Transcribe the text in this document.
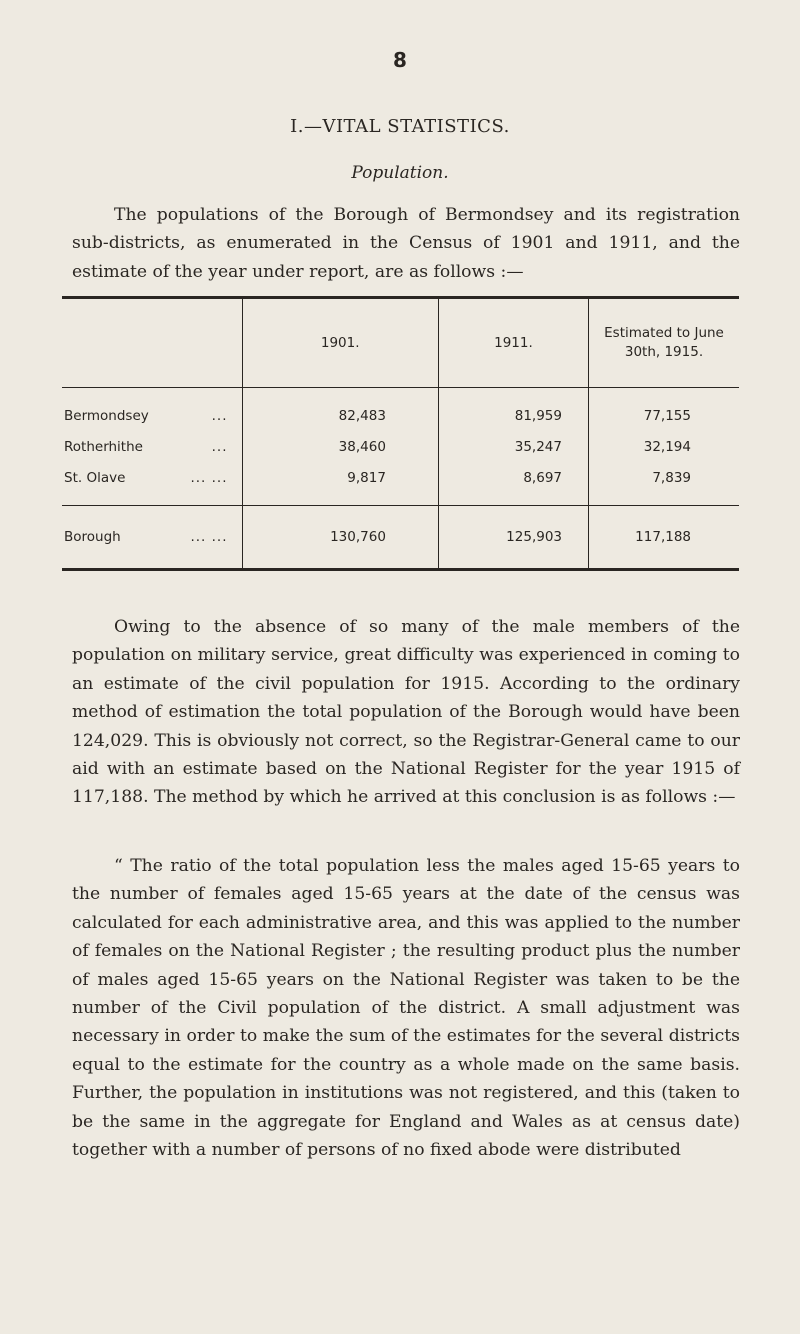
8
I.—VITAL STATISTICS.
Population.

The populations of the Borough of Bermondsey and its registration sub-districts, as enumerated in the Census of 1901 and 1911, and the estimate of the year under report, are as follows :—

	1901.	1911.	Estimated to June 30th, 1915.

Bermondsey ...	82,483	81,959	77,155
Rotherhithe ...	38,460	35,247	32,194
St. Olave ... ...	9,817	8,697	7,839
Borough ... ...	130,760	125,903	117,188

Owing to the absence of so many of the male members of the population on military service, great difficulty was experienced in coming to an estimate of the civil population for 1915. According to the ordinary method of estimation the total population of the Borough would have been 124,029. This is obviously not correct, so the Registrar-General came to our aid with an estimate based on the National Register for the year 1915 of 117,188. The method by which he arrived at this conclusion is as follows :—

“ The ratio of the total population less the males aged 15-65 years to the number of females aged 15-65 years at the date of the census was calculated for each administrative area, and this was applied to the number of females on the National Register ; the resulting product plus the number of males aged 15-65 years on the National Register was taken to be the number of the Civil population of the district. A small adjustment was necessary in order to make the sum of the estimates for the several districts equal to the estimate for the country as a whole made on the same basis. Further, the population in institutions was not registered, and this (taken to be the same in the aggregate for England and Wales as at census date) together with a number of persons of no fixed abode were distributed
